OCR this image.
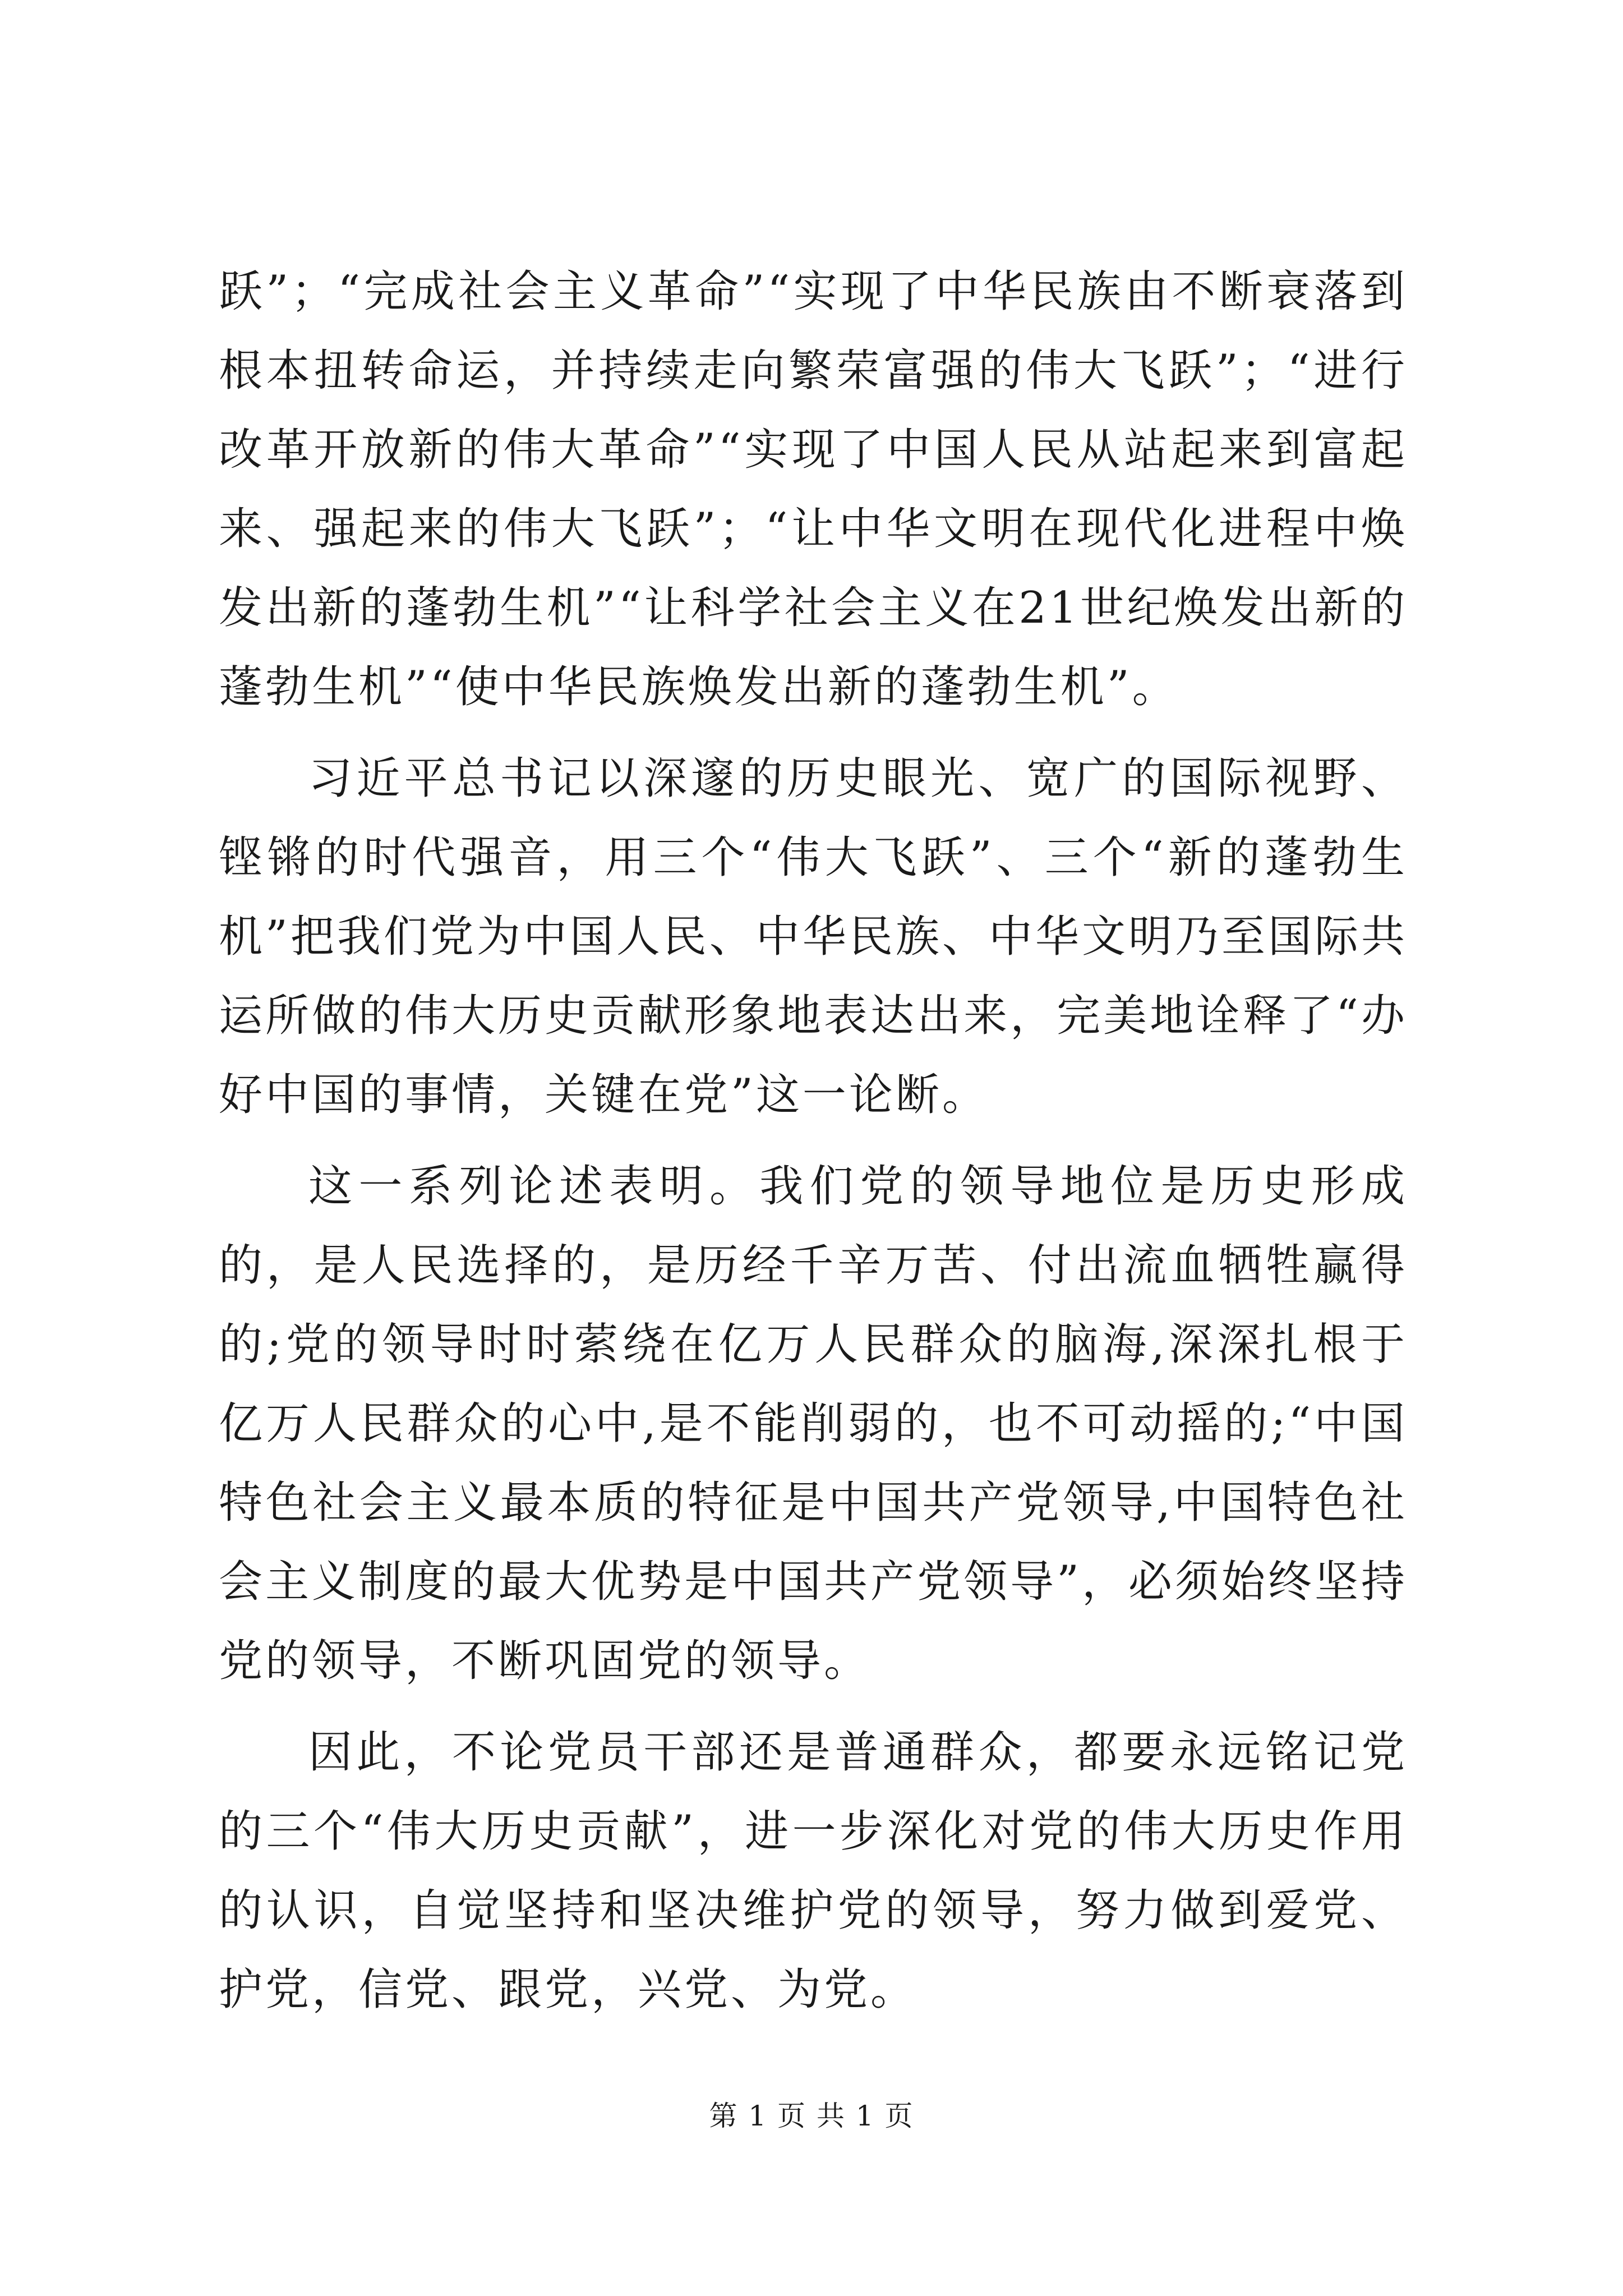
跃”；“完成社会主义革命”“实现了中华民族由不断衰落到根本扭转命运，并持续走向繁荣富强的伟大飞跃”；“进行改革开放新的伟大革命”“实现了中国人民从站起来到富起来、强起来的伟大飞跃”；“让中华文明在现代化进程中焕发出新的蓬勃生机”“让科学社会主义在21世纪焕发出新的蓬勃生机”“使中华民族焕发出新的蓬勃生机”。

习近平总书记以深邃的历史眼光、宽广的国际视野、铿锵的时代强音，用三个“伟大飞跃”、三个“新的蓬勃生机”把我们党为中国人民、中华民族、中华文明乃至国际共运所做的伟大历史贡献形象地表达出来，完美地诠释了“办好中国的事情，关键在党”这一论断。

这一系列论述表明。我们党的领导地位是历史形成的，是人民选择的，是历经千辛万苦、付出流血牺牲赢得的;党的领导时时萦绕在亿万人民群众的脑海,深深扎根于亿万人民群众的心中,是不能削弱的，也不可动摇的;“中国特色社会主义最本质的特征是中国共产党领导,中国特色社会主义制度的最大优势是中国共产党领导”，必须始终坚持党的领导，不断巩固党的领导。

因此，不论党员干部还是普通群众，都要永远铭记党的三个“伟大历史贡献”，进一步深化对党的伟大历史作用的认识，自觉坚持和坚决维护党的领导，努力做到爱党、护党，信党、跟党，兴党、为党。

第 1 页 共 1 页
